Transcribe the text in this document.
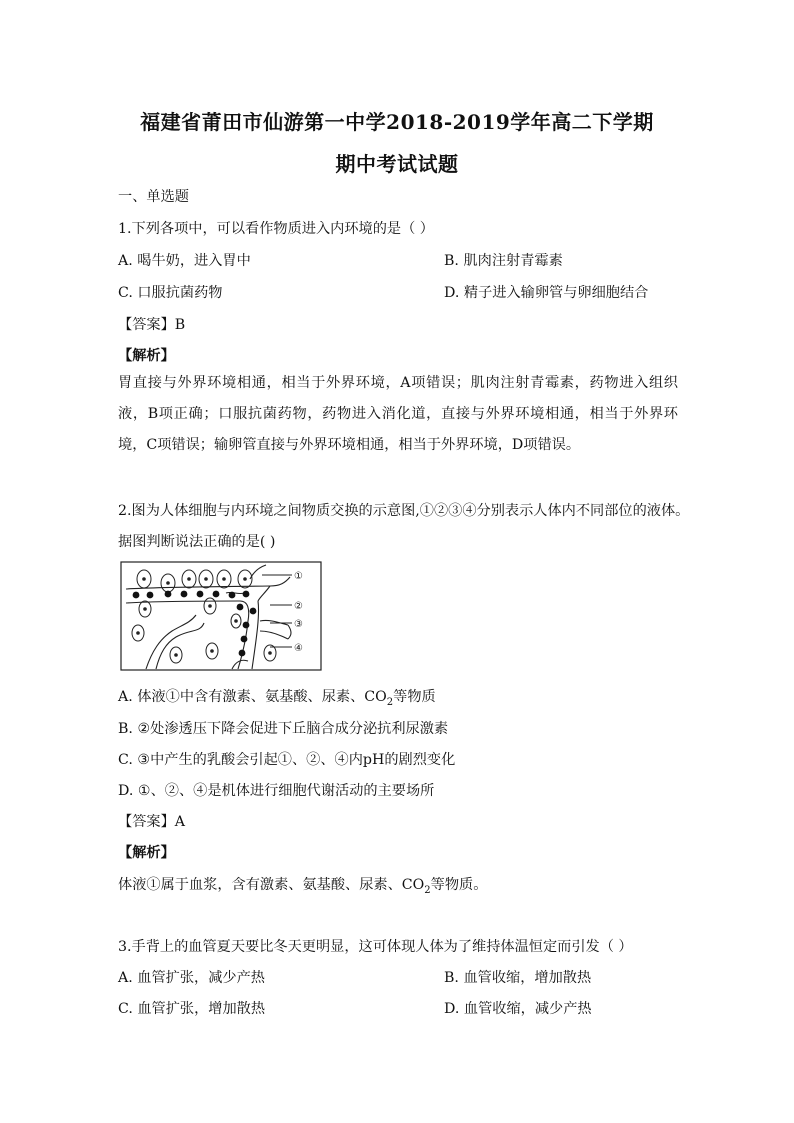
福建省莆田市仙游第一中学2018-2019学年高二下学期
期中考试试题
一、单选题
1.下列各项中，可以看作物质进入内环境的是（ ）
A. 喝牛奶，进入胃中	B. 肌肉注射青霉素
C. 口服抗菌药物	D. 精子进入输卵管与卵细胞结合
【答案】B
【解析】
胃直接与外界环境相通，相当于外界环境，A项错误；肌肉注射青霉素，药物进入组织液，B项正确；口服抗菌药物，药物进入消化道，直接与外界环境相通，相当于外界环境，C项错误；输卵管直接与外界环境相通，相当于外界环境，D项错误。
2.图为人体细胞与内环境之间物质交换的示意图,①②③④分别表示人体内不同部位的液体。
据图判断说法正确的是( )
①
②
③
④
A. 体液①中含有激素、氨基酸、尿素、$CO_2$等物质
B. ②处渗透压下降会促进下丘脑合成分泌抗利尿激素
C. ③中产生的乳酸会引起①、②、④内pH的剧烈变化
D. ①、②、④是机体进行细胞代谢活动的主要场所
【答案】A
【解析】
体液①属于血浆，含有激素、氨基酸、尿素、$CO_2$等物质。
3.手背上的血管夏天要比冬天更明显，这可体现人体为了维持体温恒定而引发（ ）
A. 血管扩张，减少产热	B. 血管收缩，增加散热
C. 血管扩张，增加散热	D. 血管收缩，减少产热
